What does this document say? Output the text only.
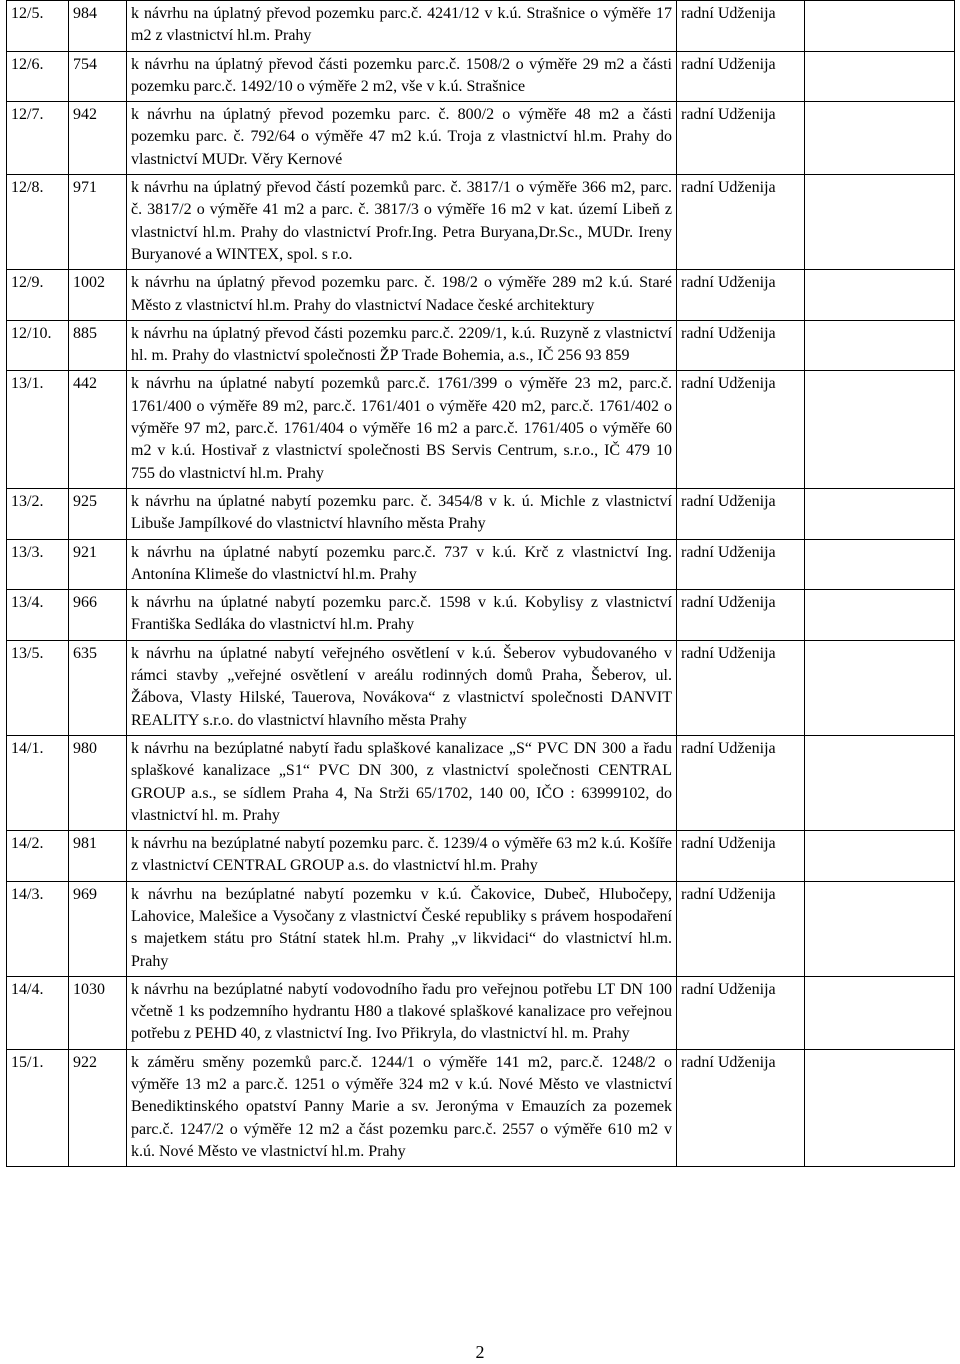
12/5.	984	k návrhu na úplatný převod pozemku parc.č. 4241/12 v k.ú. Strašnice o výměře 17 m2 z vlastnictví hl.m. Prahy	radní Udženija	
12/6.	754	k návrhu na úplatný převod části pozemku parc.č. 1508/2 o výměře 29 m2 a části pozemku parc.č. 1492/10 o výměře 2 m2, vše v k.ú. Strašnice	radní Udženija	
12/7.	942	k návrhu na úplatný převod pozemku parc. č. 800/2 o výměře 48 m2 a části pozemku parc. č. 792/64 o výměře 47 m2 k.ú. Troja z vlastnictví hl.m. Prahy do vlastnictví MUDr. Věry Kernové	radní Udženija	
12/8.	971	k návrhu na úplatný převod částí pozemků parc. č. 3817/1 o výměře 366 m2, parc. č. 3817/2 o výměře 41 m2 a parc. č. 3817/3 o výměře 16 m2 v kat. území Libeň z vlastnictví hl.m. Prahy do vlastnictví Profr.Ing. Petra Buryana,Dr.Sc., MUDr. Ireny Buryanové a WINTEX, spol. s r.o.	radní Udženija	
12/9.	1002	k návrhu na úplatný převod pozemku parc. č. 198/2 o výměře 289 m2 k.ú. Staré Město z vlastnictví hl.m. Prahy do vlastnictví Nadace české architektury	radní Udženija	
12/10.	885	k návrhu na úplatný převod části pozemku parc.č. 2209/1, k.ú. Ruzyně z vlastnictví hl. m. Prahy do vlastnictví společnosti ŽP Trade Bohemia, a.s., IČ 256 93 859	radní Udženija	
13/1.	442	k návrhu na úplatné nabytí pozemků parc.č. 1761/399 o výměře 23 m2, parc.č. 1761/400 o výměře 89 m2, parc.č. 1761/401 o výměře 420 m2, parc.č. 1761/402 o výměře 97 m2, parc.č. 1761/404 o výměře 16 m2 a parc.č. 1761/405 o výměře 60 m2 v k.ú. Hostivař z vlastnictví společnosti BS Servis Centrum, s.r.o., IČ 479 10 755 do vlastnictví hl.m. Prahy	radní Udženija	
13/2.	925	k návrhu na úplatné nabytí pozemku parc. č. 3454/8 v k. ú. Michle z vlastnictví Libuše Jampílkové do vlastnictví hlavního města Prahy	radní Udženija	
13/3.	921	k návrhu na úplatné nabytí pozemku parc.č. 737 v k.ú. Krč z vlastnictví Ing. Antonína Klimeše do vlastnictví hl.m. Prahy	radní Udženija	
13/4.	966	k návrhu na úplatné nabytí pozemku parc.č. 1598 v k.ú. Kobylisy z vlastnictví Františka Sedláka do vlastnictví hl.m. Prahy	radní Udženija	
13/5.	635	k návrhu na úplatné nabytí veřejného osvětlení v k.ú. Šeberov vybudovaného v rámci stavby „veřejné osvětlení v areálu rodinných domů Praha, Šeberov, ul. Žábova, Vlasty Hilské, Tauerova, Novákova“ z vlastnictví společnosti DANVIT REALITY s.r.o. do vlastnictví hlavního města Prahy	radní Udženija	
14/1.	980	k návrhu na bezúplatné nabytí řadu splaškové kanalizace „S“ PVC DN 300 a řadu splaškové kanalizace „S1“ PVC DN 300, z vlastnictví společnosti CENTRAL GROUP a.s., se sídlem Praha 4, Na Strži 65/1702, 140 00, IČO : 63999102, do vlastnictví hl. m. Prahy	radní Udženija	
14/2.	981	k návrhu na bezúplatné nabytí pozemku parc. č. 1239/4 o výměře 63 m2 k.ú. Košíře z vlastnictví CENTRAL GROUP a.s. do vlastnictví hl.m. Prahy	radní Udženija	
14/3.	969	k návrhu na bezúplatné nabytí pozemku v k.ú. Čakovice, Dubeč, Hlubočepy, Lahovice, Malešice a Vysočany z vlastnictví České republiky s právem hospodaření s majetkem státu pro Státní statek hl.m. Prahy „v likvidaci“ do vlastnictví hl.m. Prahy	radní Udženija	
14/4.	1030	k návrhu na bezúplatné nabytí vodovodního řadu pro veřejnou potřebu LT DN 100 včetně 1 ks podzemního hydrantu H80 a tlakové splaškové kanalizace pro veřejnou potřebu z PEHD 40, z vlastnictví Ing. Ivo Přikryla, do vlastnictví hl. m. Prahy	radní Udženija	
15/1.	922	k záměru směny pozemků parc.č. 1244/1 o výměře 141 m2, parc.č. 1248/2 o výměře 13 m2 a parc.č. 1251 o výměře 324 m2 v k.ú. Nové Město ve vlastnictví Benediktinského opatství Panny Marie a sv. Jeronýma v Emauzích za pozemek parc.č. 1247/2 o výměře 12 m2 a část pozemku parc.č. 2557 o výměře 610 m2 v k.ú. Nové Město ve vlastnictví hl.m. Prahy	radní Udženija	
2
